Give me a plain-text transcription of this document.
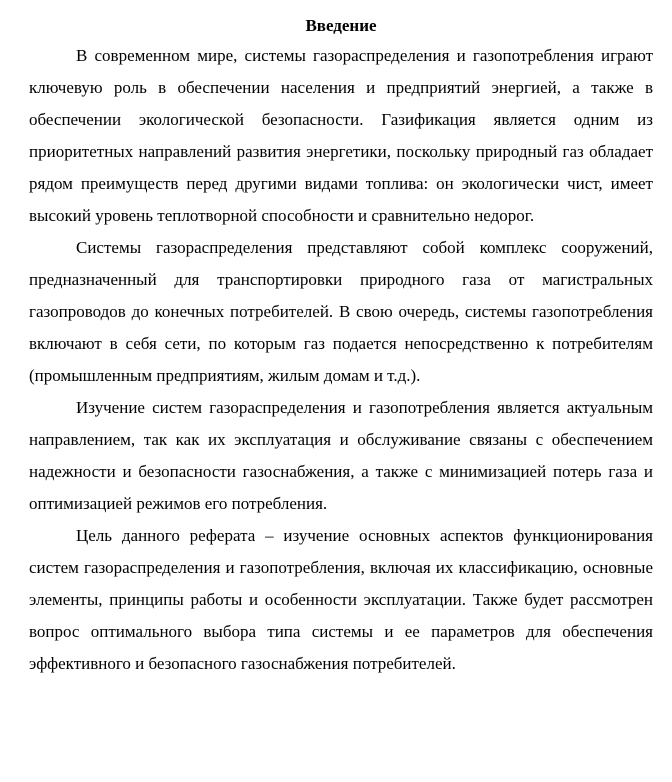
Введение

В современном мире, системы газораспределения и газопотребления играют ключевую роль в обеспечении населения и предприятий энергией, а также в обеспечении экологической безопасности. Газификация является одним из приоритетных направлений развития энергетики, поскольку природный газ обладает рядом преимуществ перед другими видами топлива: он экологически чист, имеет высокий уровень теплотворной способности и сравнительно недорог.

Системы газораспределения представляют собой комплекс сооружений, предназначенный для транспортировки природного газа от магистральных газопроводов до конечных потребителей. В свою очередь, системы газопотребления включают в себя сети, по которым газ подается непосредственно к потребителям (промышленным предприятиям, жилым домам и т.д.).

Изучение систем газораспределения и газопотребления является актуальным направлением, так как их эксплуатация и обслуживание связаны с обеспечением надежности и безопасности газоснабжения, а также с минимизацией потерь газа и оптимизацией режимов его потребления.

Цель данного реферата – изучение основных аспектов функционирования систем газораспределения и газопотребления, включая их классификацию, основные элементы, принципы работы и особенности эксплуатации. Также будет рассмотрен вопрос оптимального выбора типа системы и ее параметров для обеспечения эффективного и безопасного газоснабжения потребителей.
